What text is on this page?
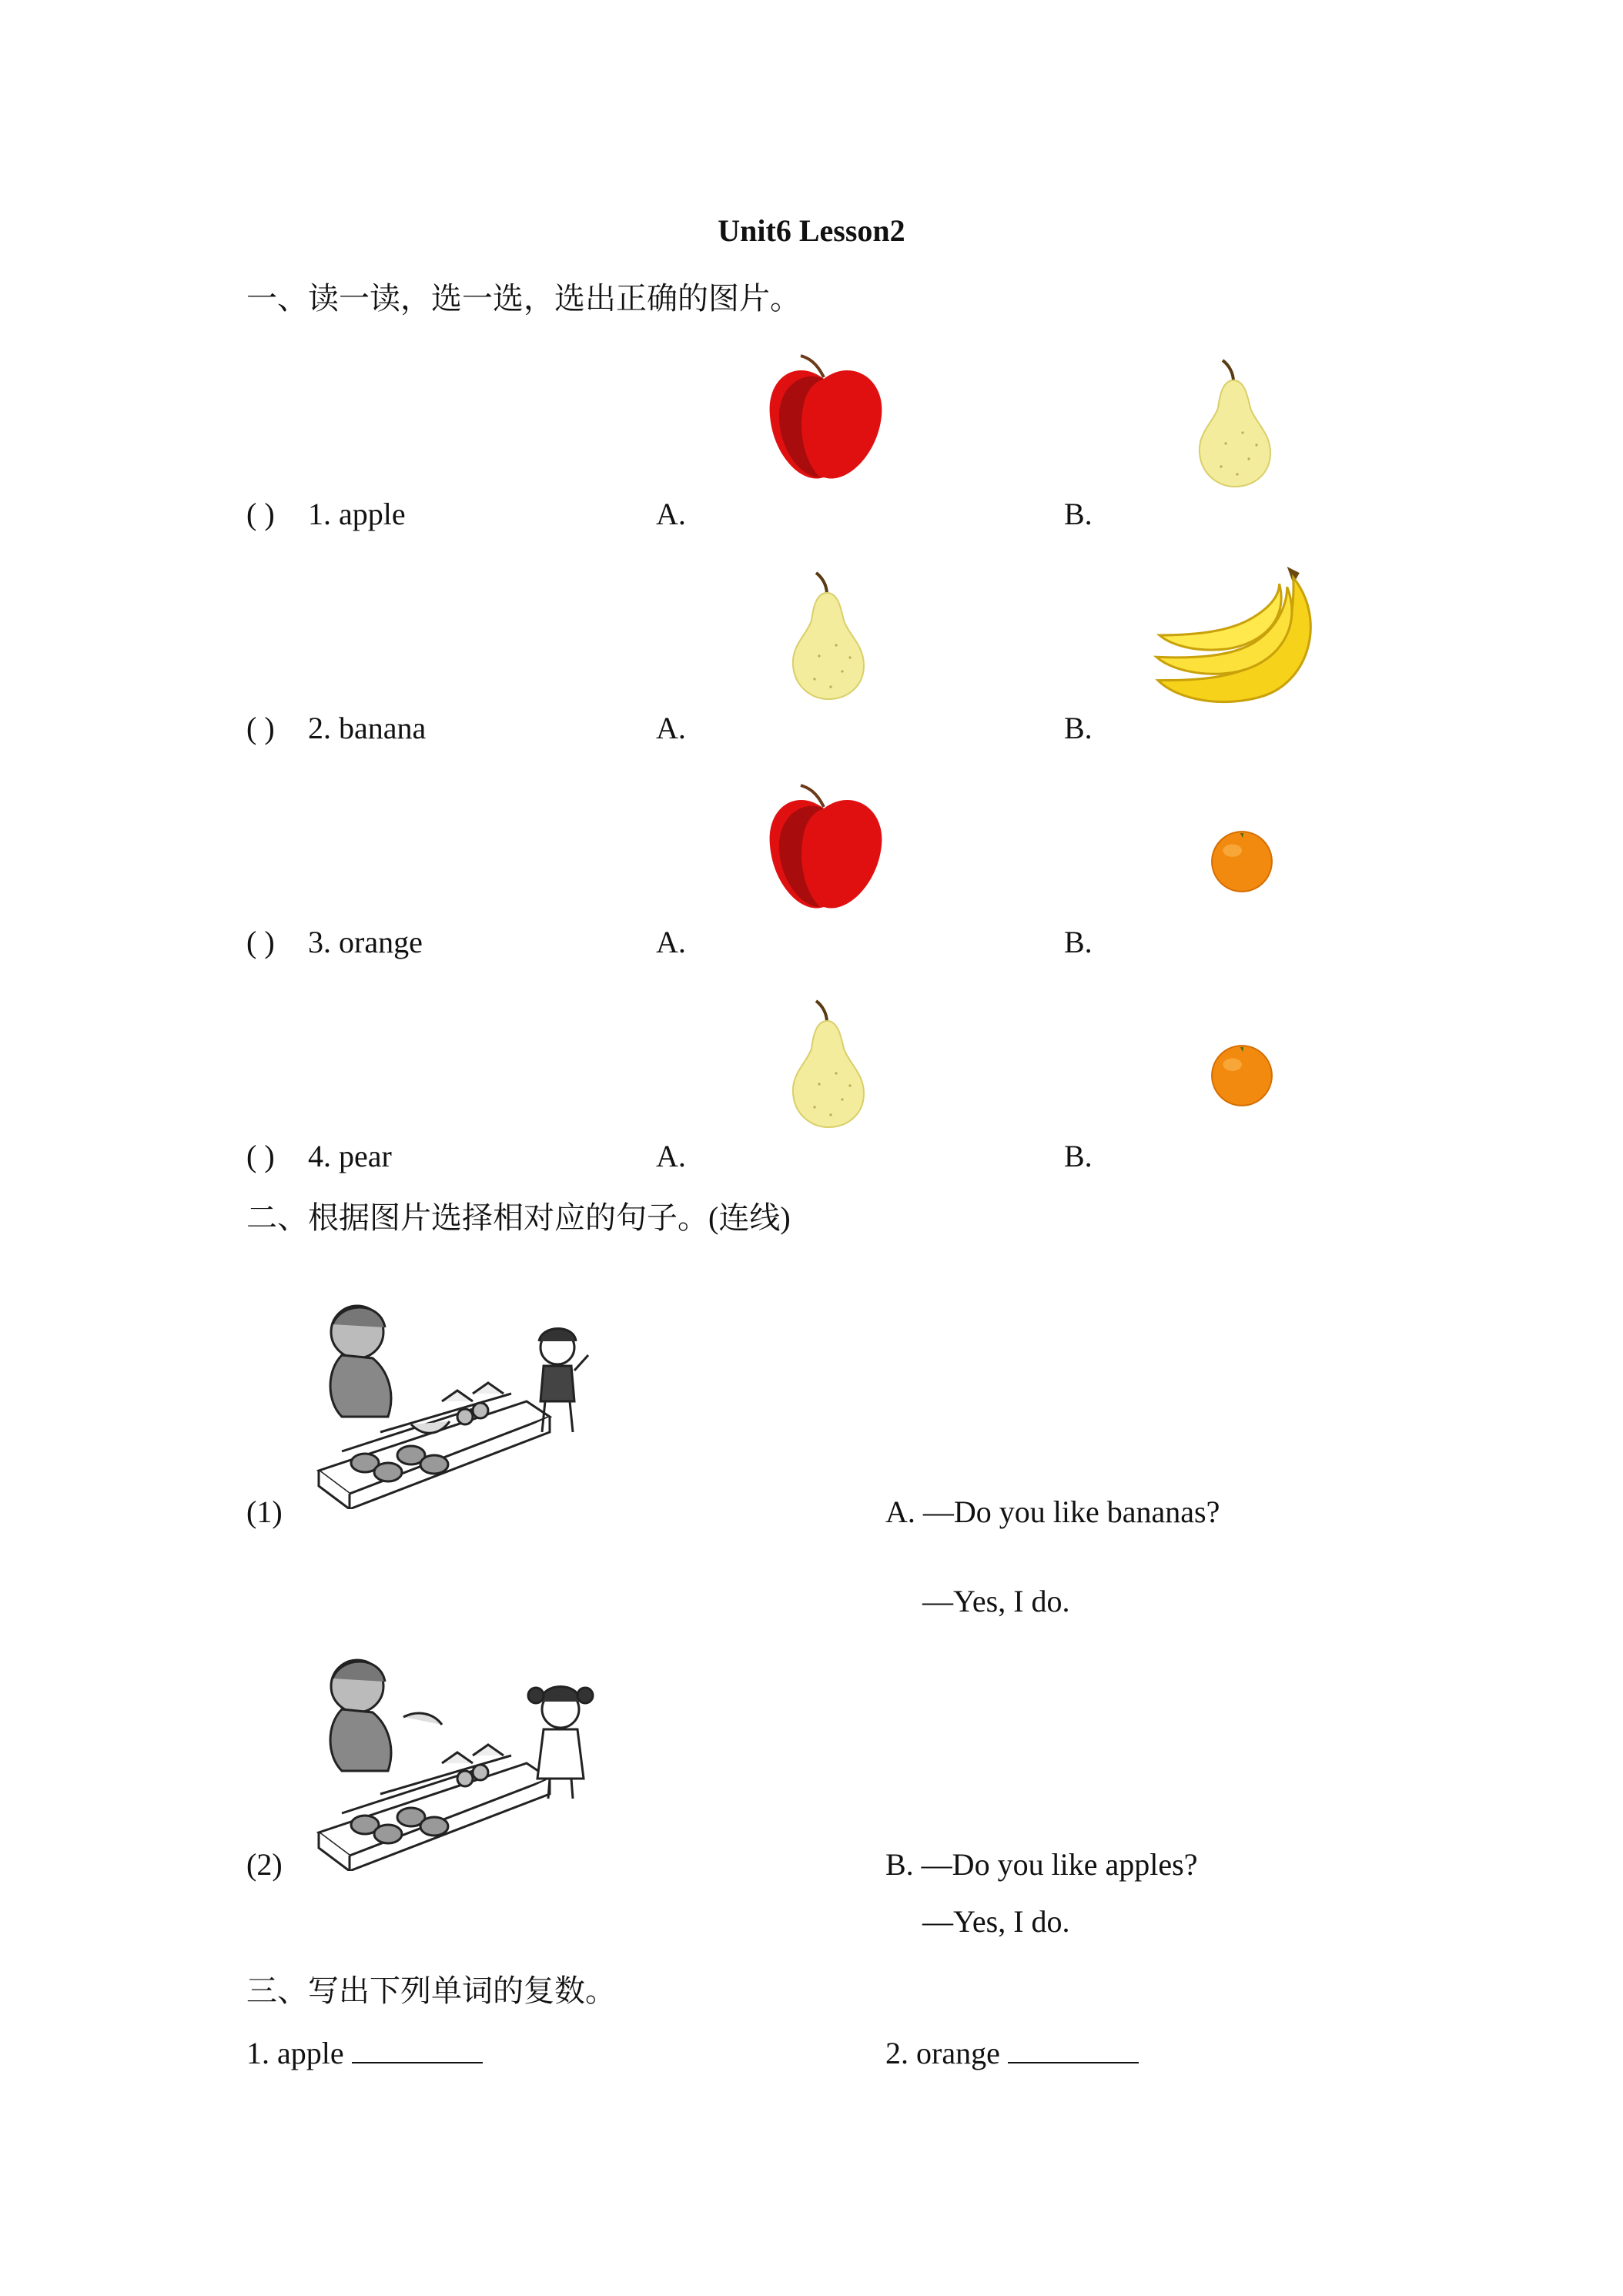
Unit6 Lesson2
一、读一读，选一选，选出正确的图片。
( ) 1. apple	A.	B.
( ) 2. banana	A.	B.
( ) 3. orange	A.	B.
( ) 4. pear	A.	B.
二、根据图片选择相对应的句子。(连线)
(1)
(2)
A. —Do you like bananas?
—Yes, I do.
B. —Do you like apples?
—Yes, I do.
三、写出下列单词的复数。
1. apple	2. orange
